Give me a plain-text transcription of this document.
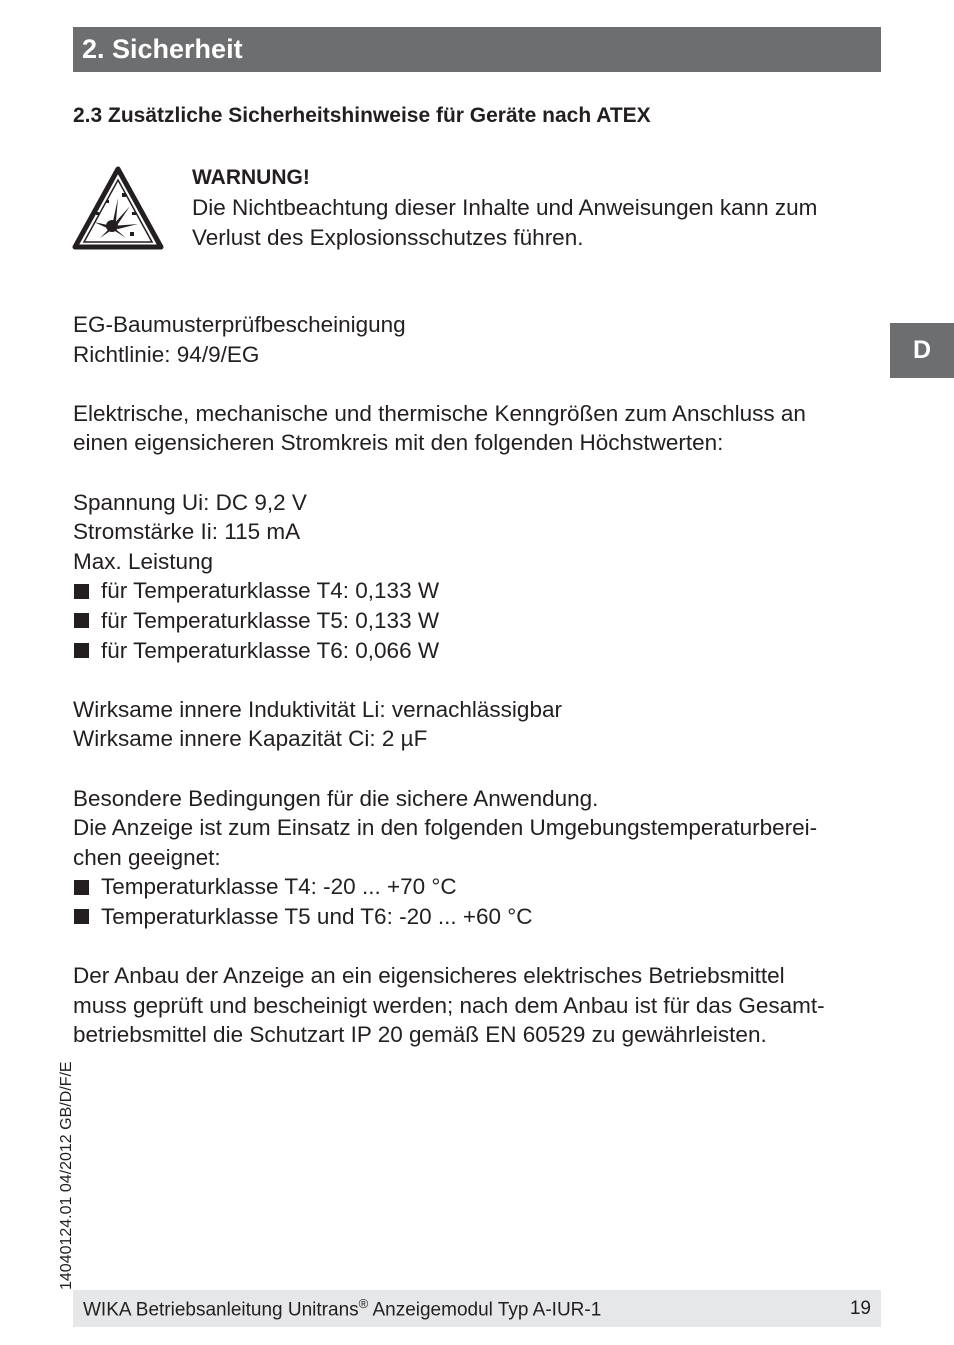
2. Sicherheit
2.3 Zusätzliche Sicherheitshinweise für Geräte nach ATEX
WARNUNG!
Die Nichtbeachtung dieser Inhalte und Anweisungen kann zum
Verlust des Explosionsschutzes führen.
D

EG-Baumusterprüfbescheinigung

Richtlinie: 94/9/EG

Elektrische, mechanische und thermische Kenngrößen zum Anschluss an

einen eigensicheren Stromkreis mit den folgenden Höchstwerten:

Spannung Ui: DC 9,2 V

Stromstärke Ii: 115 mA

Max. Leistung

für Temperaturklasse T4: 0,133 W
für Temperaturklasse T5: 0,133 W
für Temperaturklasse T6: 0,066 W

Wirksame innere Induktivität Li: vernachlässigbar

Wirksame innere Kapazität Ci: 2 µF

Besondere Bedingungen für die sichere Anwendung.

Die Anzeige ist zum Einsatz in den folgenden Umgebungstemperaturberei-

chen geeignet:

Temperaturklasse T4: -20 ... +70 °C
Temperaturklasse T5 und T6: -20 ... +60 °C

Der Anbau der Anzeige an ein eigensicheres elektrisches Betriebsmittel

muss geprüft und bescheinigt werden; nach dem Anbau ist für das Gesamt-

betriebsmittel die Schutzart IP 20 gemäß EN 60529 zu gewährleisten.

14040124.01 04/2012 GB/D/F/E
WIKA Betriebsanleitung Unitrans® Anzeigemodul Typ A-IUR-1	19
